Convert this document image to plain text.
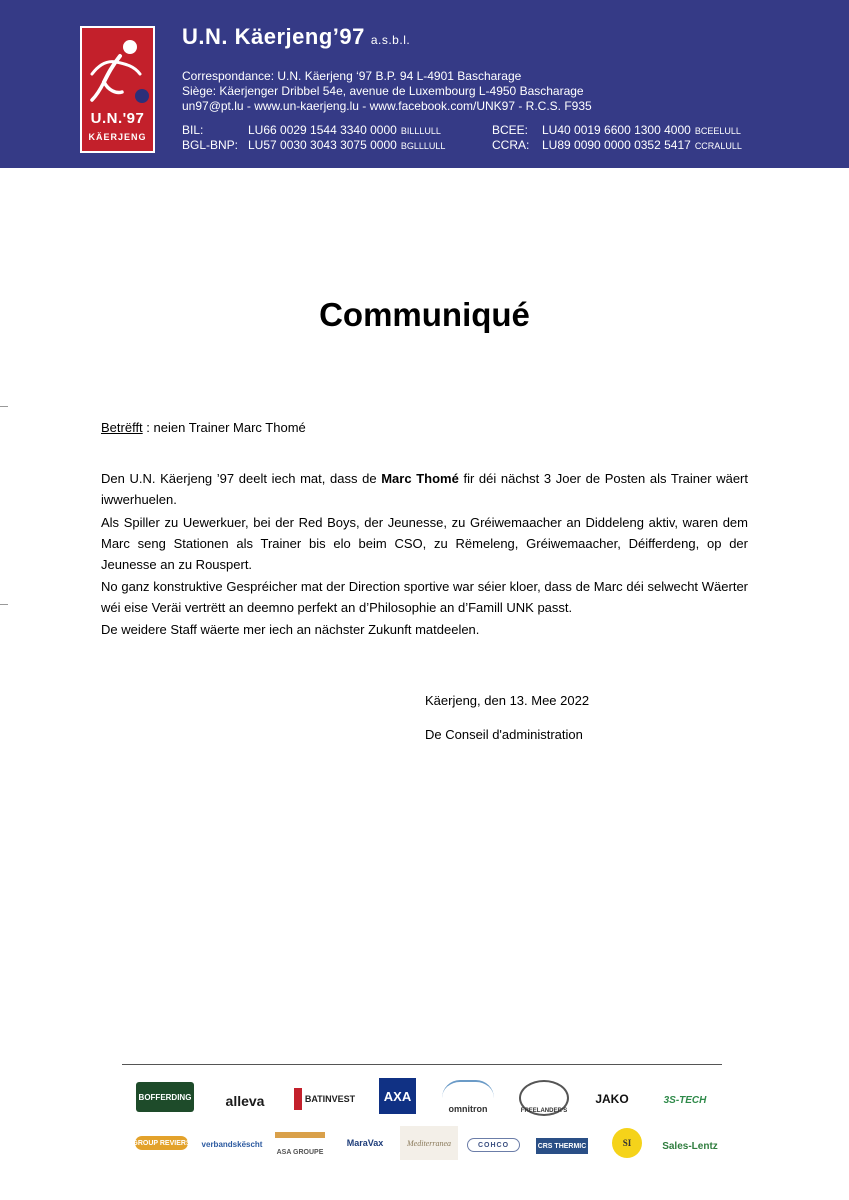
U.N.'97
KÄERJENG
U.N. Käerjeng’97 a.s.b.l.
Correspondance: U.N. Käerjeng ‘97 B.P. 94 L-4901 Bascharage
Siège: Käerjenger Dribbel 54e, avenue de Luxembourg L-4950 Bascharage
un97@pt.lu - www.un-kaerjeng.lu - www.facebook.com/UNK97 - R.C.S. F935
BIL:	LU66 0029 1544 3340 0000 BILLLULL
BGL-BNP: LU57 0030 3043 3075 0000 BGLLLULL
BCEE: LU40 0019 6600 1300 4000 BCEELULL
CCRA: LU89 0090 0000 0352 5417 CCRALULL
Communiqué
Betrëfft : neien Trainer Marc Thomé
Den U.N. Käerjeng ’97 deelt iech mat, dass de Marc Thomé fir déi nächst 3 Joer de Posten als Trainer wäert iwwerhuelen.
Als Spiller zu Uewerkuer, bei der Red Boys, der Jeunesse, zu Gréiwemaacher an Diddeleng aktiv, waren dem Marc seng Stationen als Trainer bis elo beim CSO, zu Rëmeleng, Gréiwemaacher, Déifferdeng, op der Jeunesse an zu Rouspert.
No ganz konstruktive Gespréicher mat der Direction sportive war séier kloer, dass de Marc déi selwecht Wäerter wéi eise Veräi vertrëtt an deemno perfekt an d’Philosophie an d’Famill UNK passt.
De weidere Staff wäerte mer iech an nächster Zukunft matdeelen.
Käerjeng, den 13. Mee 2022
De Conseil d'administration
BOFFERDING	alleva	BATINVEST	AXA
omnitron	FREELANDER'S
JAKO	3S-TECH
GROUP REVIERS verbandskëscht
ASA GROUPE
MaraVax	Mediterranea	COHCO	CRS THERMIC	SI	Sales-Lentz
